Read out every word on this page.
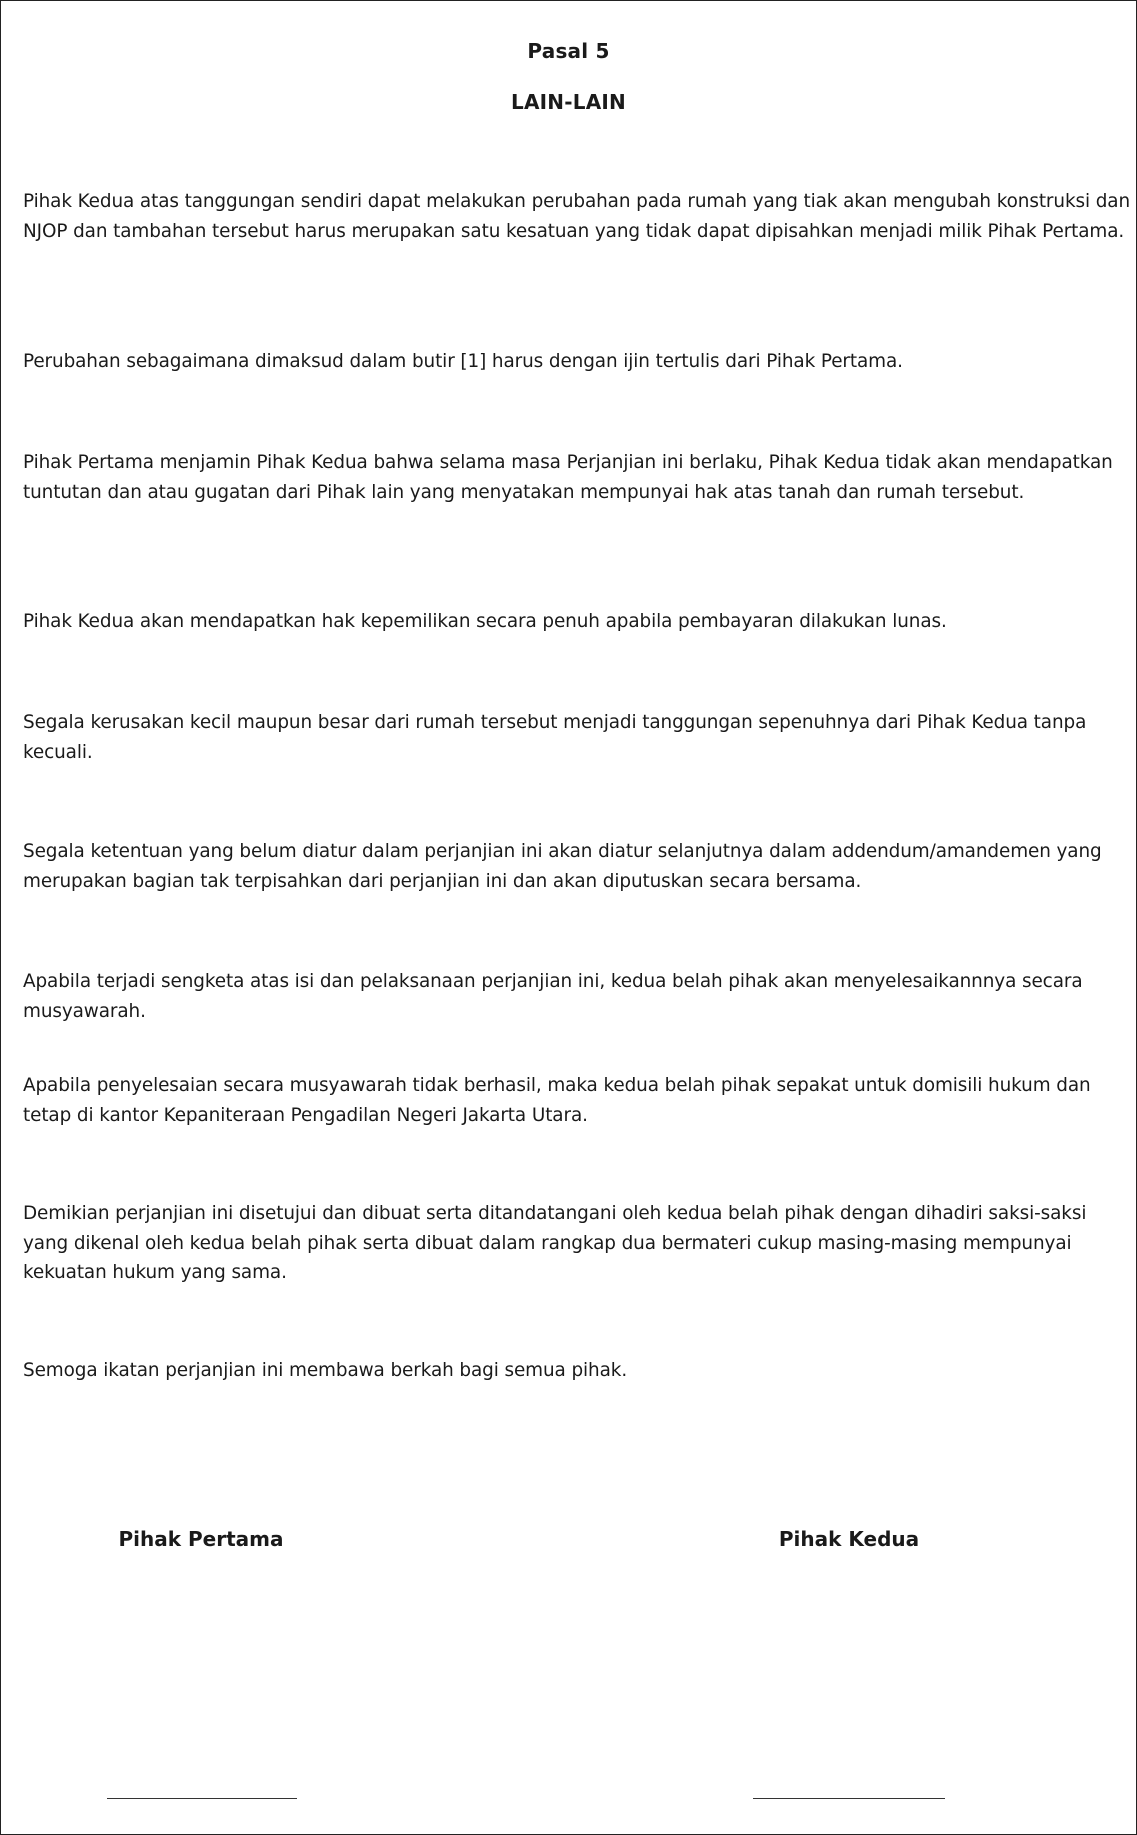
Pasal 5
LAIN-LAIN
Pihak Kedua atas tanggungan sendiri dapat melakukan perubahan pada rumah yang tiak akan mengubah konstruksi dan NJOP dan tambahan tersebut harus merupakan satu kesatuan yang tidak dapat dipisahkan menjadi milik Pihak Pertama.
Perubahan sebagaimana dimaksud dalam butir [1] harus dengan ijin tertulis dari Pihak Pertama.
Pihak Pertama menjamin Pihak Kedua bahwa selama masa Perjanjian ini berlaku, Pihak Kedua tidak akan mendapatkan tuntutan dan atau gugatan dari Pihak lain yang menyatakan mempunyai hak atas tanah dan rumah tersebut.
Pihak Kedua akan mendapatkan hak kepemilikan secara penuh apabila pembayaran dilakukan lunas.
Segala kerusakan kecil maupun besar dari rumah tersebut menjadi tanggungan sepenuhnya dari Pihak Kedua tanpa kecuali.
Segala ketentuan yang belum diatur dalam perjanjian ini akan diatur selanjutnya dalam addendum/amandemen yang merupakan bagian tak terpisahkan dari perjanjian ini dan akan diputuskan secara bersama.
Apabila terjadi sengketa atas isi dan pelaksanaan perjanjian ini, kedua belah pihak akan menyelesaikannnya secara musyawarah.
Apabila penyelesaian secara musyawarah tidak berhasil, maka kedua belah pihak sepakat untuk domisili hukum dan tetap di kantor Kepaniteraan Pengadilan Negeri Jakarta Utara.
Demikian perjanjian ini disetujui dan dibuat serta ditandatangani oleh kedua belah pihak dengan dihadiri saksi-saksi yang dikenal oleh kedua belah pihak serta dibuat dalam rangkap dua bermateri cukup masing-masing mempunyai kekuatan hukum yang sama.
Semoga ikatan perjanjian ini membawa berkah bagi semua pihak.
Pihak Pertama	Pihak Kedua
